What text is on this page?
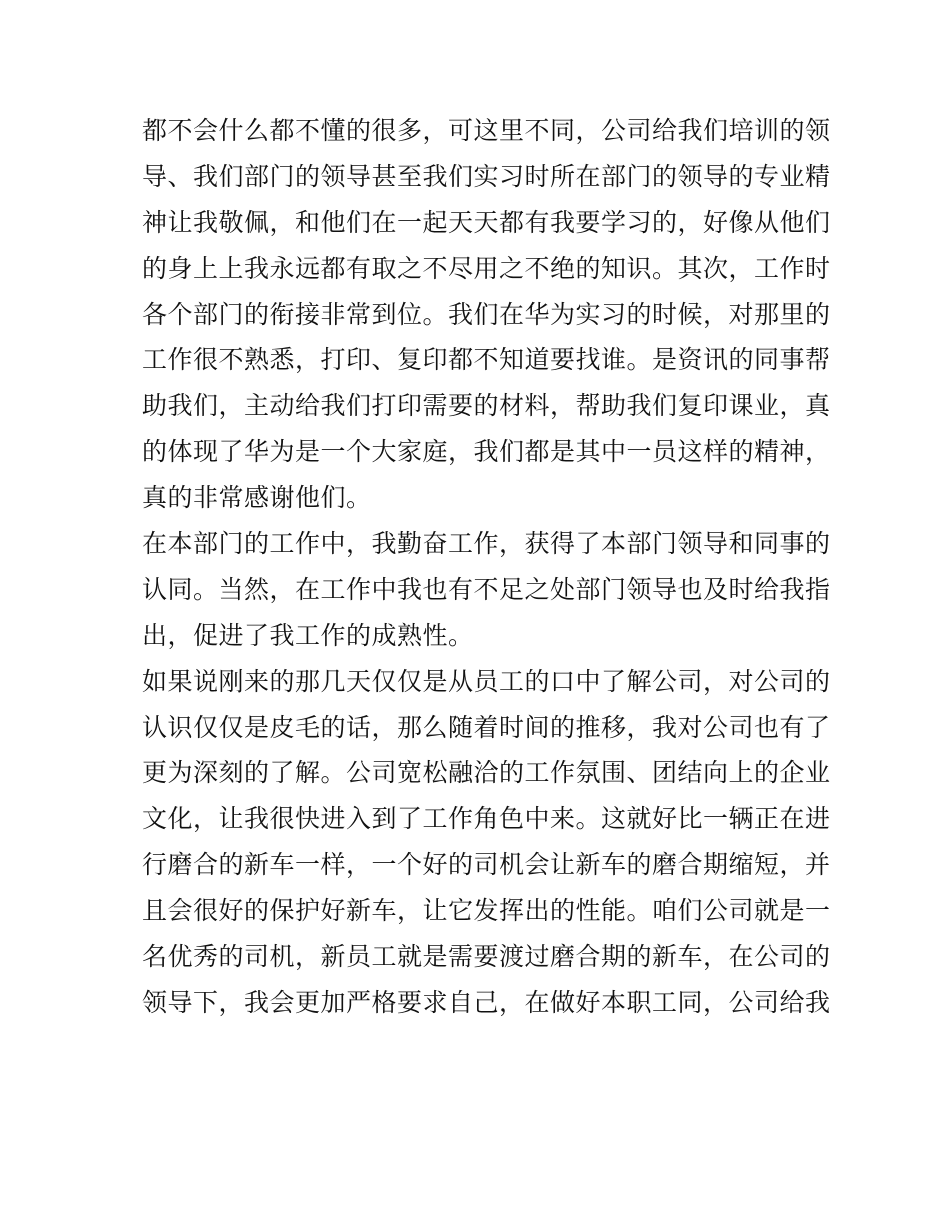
都不会什么都不懂的很多，可这里不同，公司给我们培训的领
导、我们部门的领导甚至我们实习时所在部门的领导的专业精
神让我敬佩，和他们在一起天天都有我要学习的，好像从他们
的身上上我永远都有取之不尽用之不绝的知识。其次，工作时
各个部门的衔接非常到位。我们在华为实习的时候，对那里的
工作很不熟悉，打印、复印都不知道要找谁。是资讯的同事帮
助我们，主动给我们打印需要的材料，帮助我们复印课业，真
的体现了华为是一个大家庭，我们都是其中一员这样的精神，
真的非常感谢他们。
在本部门的工作中，我勤奋工作，获得了本部门领导和同事的
认同。当然，在工作中我也有不足之处部门领导也及时给我指
出，促进了我工作的成熟性。
如果说刚来的那几天仅仅是从员工的口中了解公司，对公司的
认识仅仅是皮毛的话，那么随着时间的推移，我对公司也有了
更为深刻的了解。公司宽松融洽的工作氛围、团结向上的企业
文化，让我很快进入到了工作角色中来。这就好比一辆正在进
行磨合的新车一样，一个好的司机会让新车的磨合期缩短，并
且会很好的保护好新车，让它发挥出的性能。咱们公司就是一
名优秀的司机，新员工就是需要渡过磨合期的新车，在公司的
领导下，我会更加严格要求自己，在做好本职工同，公司给我
